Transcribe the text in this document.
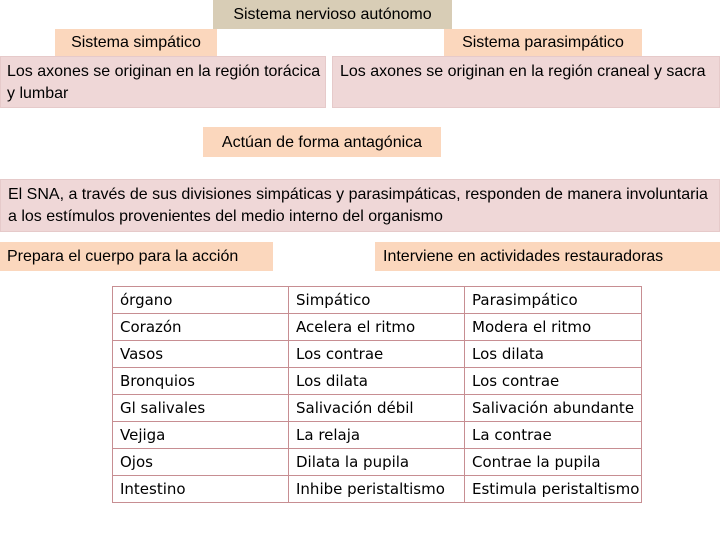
Sistema nervioso autónomo
Sistema simpático	Sistema parasimpático
Los axones se originan en la región torácica y lumbar
Los axones se originan en la región craneal y sacra
Actúan de forma antagónica
El SNA, a través de sus divisiones simpáticas y parasimpáticas, responden de manera involuntaria a los estímulos provenientes del medio interno del organismo
Prepara el cuerpo para la acción	Interviene en actividades restauradoras
órgano	Simpático	Parasimpático
Corazón	Acelera el ritmo	Modera el ritmo
Vasos	Los contrae	Los dilata
Bronquios	Los dilata	Los contrae
Gl salivales	Salivación débil	Salivación abundante
Vejiga	La relaja	La contrae
Ojos	Dilata la pupila	Contrae la pupila
Intestino	Inhibe peristaltismo	Estimula peristaltismo
